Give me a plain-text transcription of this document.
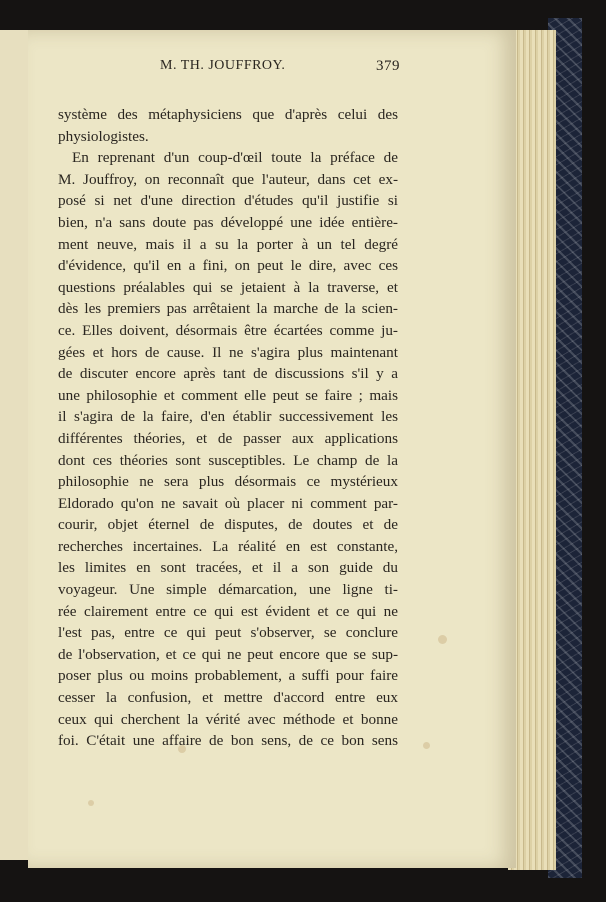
M. TH. JOUFFROY.	379
système des métaphysiciens que d'après celui des
physiologistes.
En reprenant d'un coup-d'œil toute la préface de
M. Jouffroy, on reconnaît que l'auteur, dans cet ex-
posé si net d'une direction d'études qu'il justifie si
bien, n'a sans doute pas développé une idée entière-
ment neuve, mais il a su la porter à un tel degré
d'évidence, qu'il en a fini, on peut le dire, avec ces
questions préalables qui se jetaient à la traverse, et
dès les premiers pas arrêtaient la marche de la scien-
ce. Elles doivent, désormais être écartées comme ju-
gées et hors de cause. Il ne s'agira plus maintenant
de discuter encore après tant de discussions s'il y a
une philosophie et comment elle peut se faire ; mais
il s'agira de la faire, d'en établir successivement les
différentes théories, et de passer aux applications
dont ces théories sont susceptibles. Le champ de la
philosophie ne sera plus désormais ce mystérieux
Eldorado qu'on ne savait où placer ni comment par-
courir, objet éternel de disputes, de doutes et de
recherches incertaines. La réalité en est constante,
les limites en sont tracées, et il a son guide du
voyageur. Une simple démarcation, une ligne ti-
rée clairement entre ce qui est évident et ce qui ne
l'est pas, entre ce qui peut s'observer, se conclure
de l'observation, et ce qui ne peut encore que se sup-
poser plus ou moins probablement, a suffi pour faire
cesser la confusion, et mettre d'accord entre eux
ceux qui cherchent la vérité avec méthode et bonne
foi. C'était une affaire de bon sens, de ce bon sens
